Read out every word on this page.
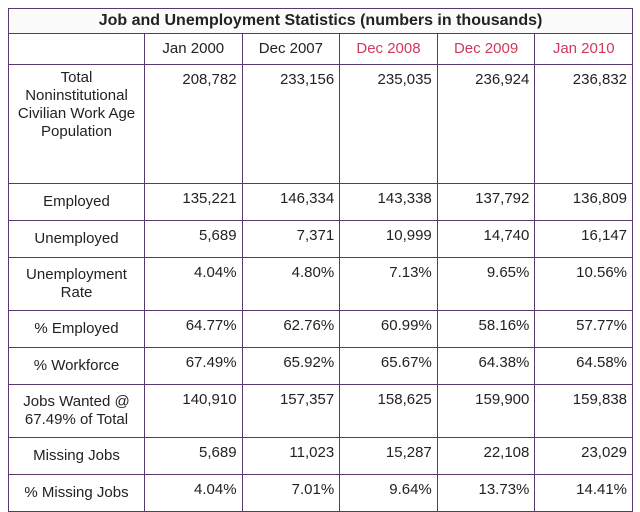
Job and Unemployment Statistics (numbers in thousands)					
	Jan 2000	Dec 2007	Dec 2008	Dec 2009	Jan 2010
Total Noninstitutional Civilian Work Age Population	208,782	233,156	235,035	236,924	236,832
Employed	135,221	146,334	143,338	137,792	136,809
Unemployed	5,689	7,371	10,999	14,740	16,147
Unemployment Rate	4.04%	4.80%	7.13%	9.65%	10.56%
% Employed	64.77%	62.76%	60.99%	58.16%	57.77%
% Workforce	67.49%	65.92%	65.67%	64.38%	64.58%
Jobs Wanted @ 67.49% of Total	140,910	157,357	158,625	159,900	159,838
Missing Jobs	5,689	11,023	15,287	22,108	23,029
% Missing Jobs	4.04%	7.01%	9.64%	13.73%	14.41%
